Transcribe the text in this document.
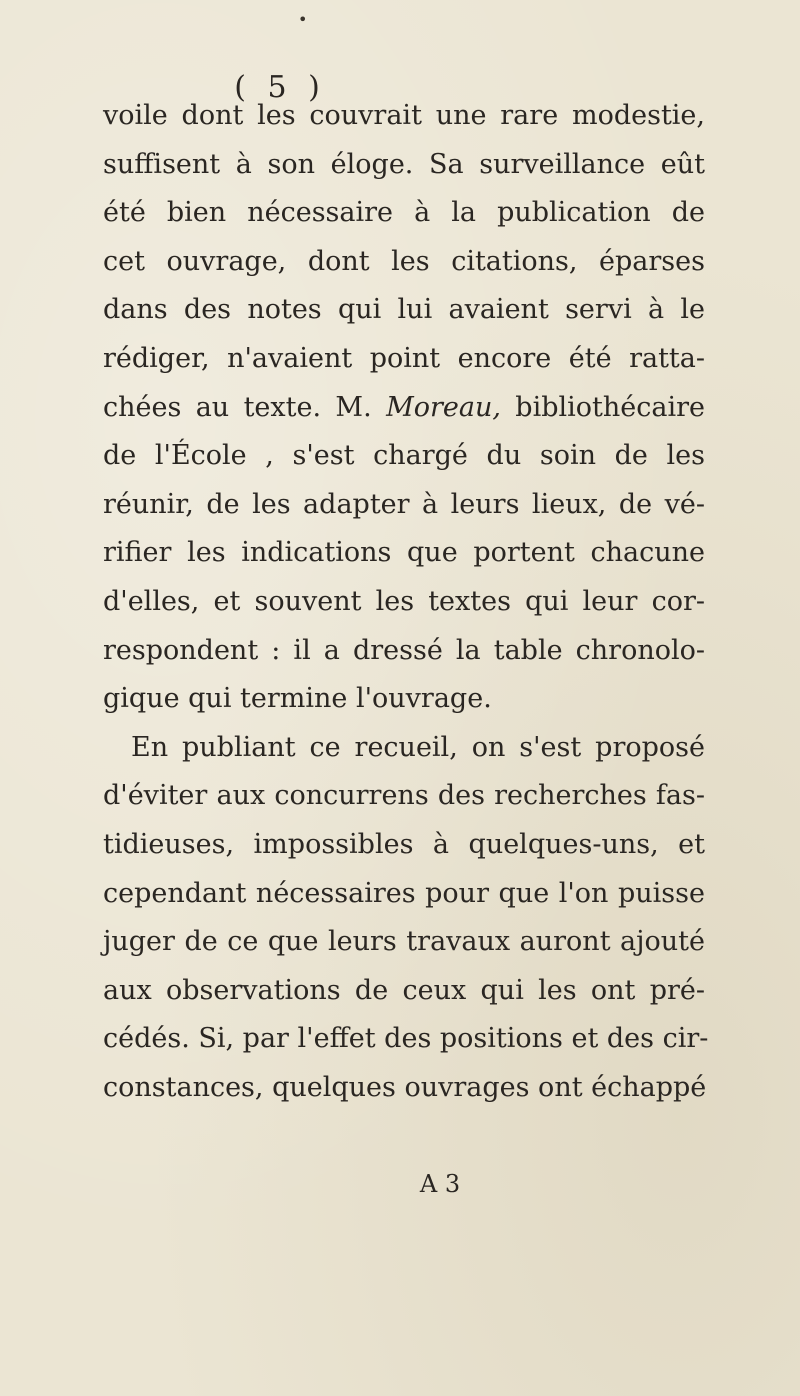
•
( 5 )
voile dont les couvrait une rare modestie,
suffisent à son éloge. Sa surveillance eût
été bien nécessaire à la publication de
cet ouvrage, dont les citations, éparses
dans des notes qui lui avaient servi à le
rédiger, n'avaient point encore été ratta-
chées au texte. M. Moreau, bibliothécaire
de l'École , s'est chargé du soin de les
réunir, de les adapter à leurs lieux, de vé-
rifier les indications que portent chacune
d'elles, et souvent les textes qui leur cor-
respondent : il a dressé la table chronolo-
gique qui termine l'ouvrage.
En publiant ce recueil, on s'est proposé
d'éviter aux concurrens des recherches fas-
tidieuses, impossibles à quelques-uns, et
cependant nécessaires pour que l'on puisse
juger de ce que leurs travaux auront ajouté
aux observations de ceux qui les ont pré-
cédés. Si, par l'effet des positions et des cir-
constances, quelques ouvrages ont échappé
A 3
